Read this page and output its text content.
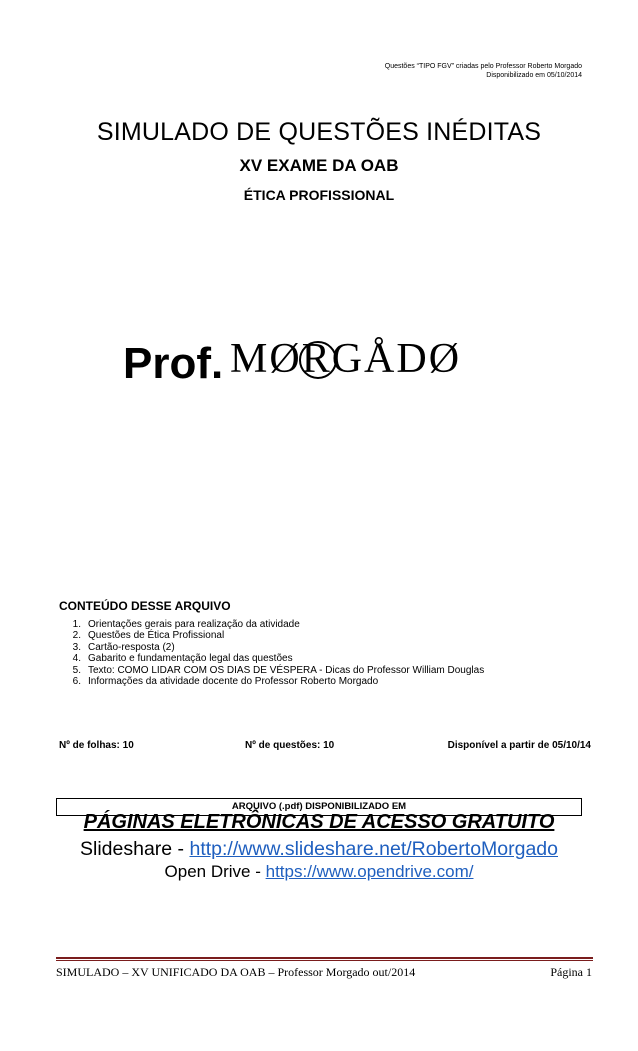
Questões “TIPO FGV” criadas pelo Professor Roberto Morgado
Disponibilizado em 05/10/2014
SIMULADO DE QUESTÕES INÉDITAS
XV EXAME DA OAB
ÉTICA PROFISSIONAL
Prof. MØRGÅDØ
CONTEÚDO DESSE ARQUIVO
1. Orientações gerais para realização da atividade
2. Questões de Ética Profissional
3. Cartão-resposta (2)
4. Gabarito e fundamentação legal das questões
5. Texto: COMO LIDAR COM OS DIAS DE VÉSPERA - Dicas do Professor William Douglas
6. Informações da atividade docente do Professor Roberto Morgado
Nº de folhas: 10	Nº de questões: 10	Disponível a partir de 05/10/14
ARQUIVO (.pdf) DISPONIBILIZADO EM
PÁGINAS ELETRÔNICAS DE ACESSO GRATUITO
Slideshare - http://www.slideshare.net/RobertoMorgado
Open Drive - https://www.opendrive.com/
SIMULADO – XV UNIFICADO DA OAB – Professor Morgado out/2014	Página 1
